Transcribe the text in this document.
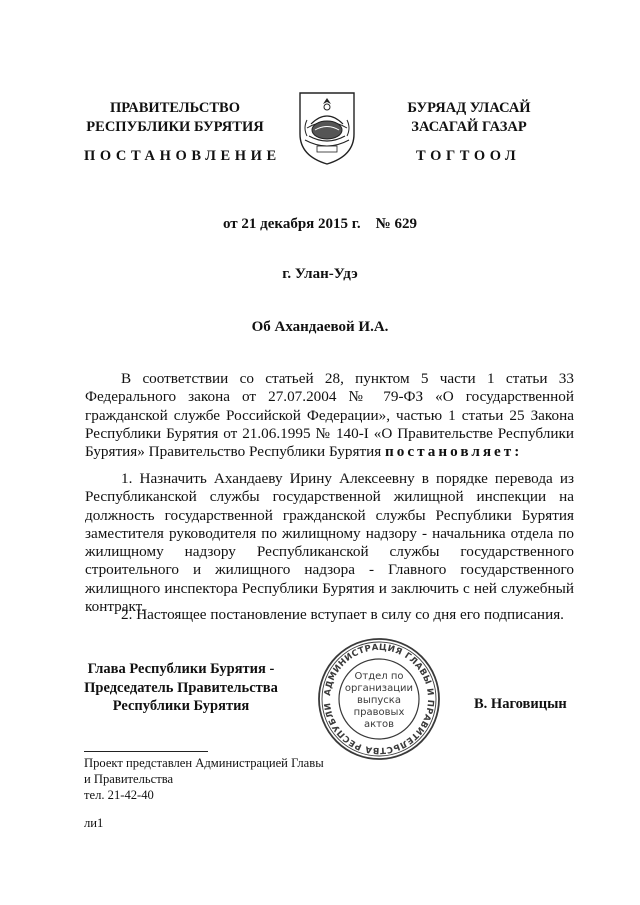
ПРАВИТЕЛЬСТВО
РЕСПУБЛИКИ БУРЯТИЯ
БУРЯАД УЛАСАЙ
ЗАСАГАЙ ГАЗАР
ПОСТАНОВЛЕНИЕ	ТОГТООЛ
от 21 декабря 2015 г.    № 629
г. Улан-Удэ
Об Ахандаевой И.А.
В соответствии со статьей 28, пунктом 5 части 1 статьи 33 Федерального закона от 27.07.2004 № 79-ФЗ «О государственной гражданской службе Российской Федерации», частью 1 статьи 25 Закона Республики Бурятия от 21.06.1995 № 140-I «О Правительстве Республики Бурятия» Правительство Республики Бурятия постановляет:
1. Назначить Ахандаеву Ирину Алексеевну в порядке перевода из Республиканской службы государственной жилищной инспекции на должность государственной гражданской службы Республики Бурятия заместителя руководителя по жилищному надзору - начальника отдела по жилищному надзору Республиканской службы государственного строительного и жилищного надзора - Главного государственного жилищного инспектора Республики Бурятия и заключить с ней служебный контракт.
2. Настоящее постановление вступает в силу со дня его подписания.
Глава Республики Бурятия -
Председатель Правительства
Республики Бурятия	В. Наговицын
АДМИНИСТРАЦИЯ ГЛАВЫ И ПРАВИТЕЛЬСТВА РЕСПУБЛИ
Отдел по
организации
выпуска
правовых
актов
Проект представлен Администрацией Главы
и Правительства
тел. 21-42-40
ли1
